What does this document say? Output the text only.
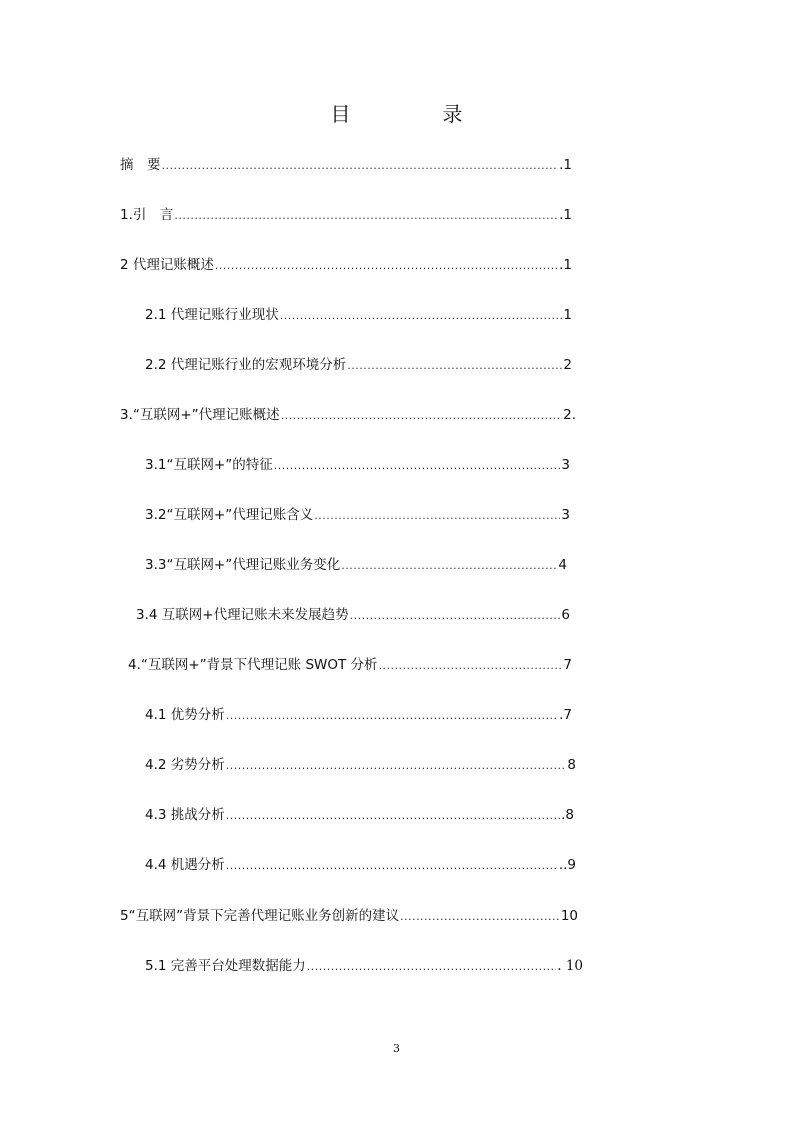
目　录
摘　要 .....	.1
1.引　言 .....	.1
2 代理记账概述 .....	.1
2.1 代理记账行业现状 .....	1
2.2 代理记账行业的宏观环境分析 .....	2
3.“互联网+”代理记账概述 .....	2.
3.1“互联网+”的特征 .....	3
3.2“互联网+”代理记账含义 .....	3
3.3“互联网+”代理记账业务变化 .....	4
3.4 互联网+代理记账未来发展趋势 .....	6
4.“互联网+”背景下代理记账 SWOT 分析 .....	7
4.1 优势分析 .....	.7
4.2 劣势分析 .....	8
4.3 挑战分析 .....	.8
4.4 机遇分析 .....	..9
5“互联网”背景下完善代理记账业务创新的建议 .....	10
5.1 完善平台处理数据能力 .....	. 10
3
